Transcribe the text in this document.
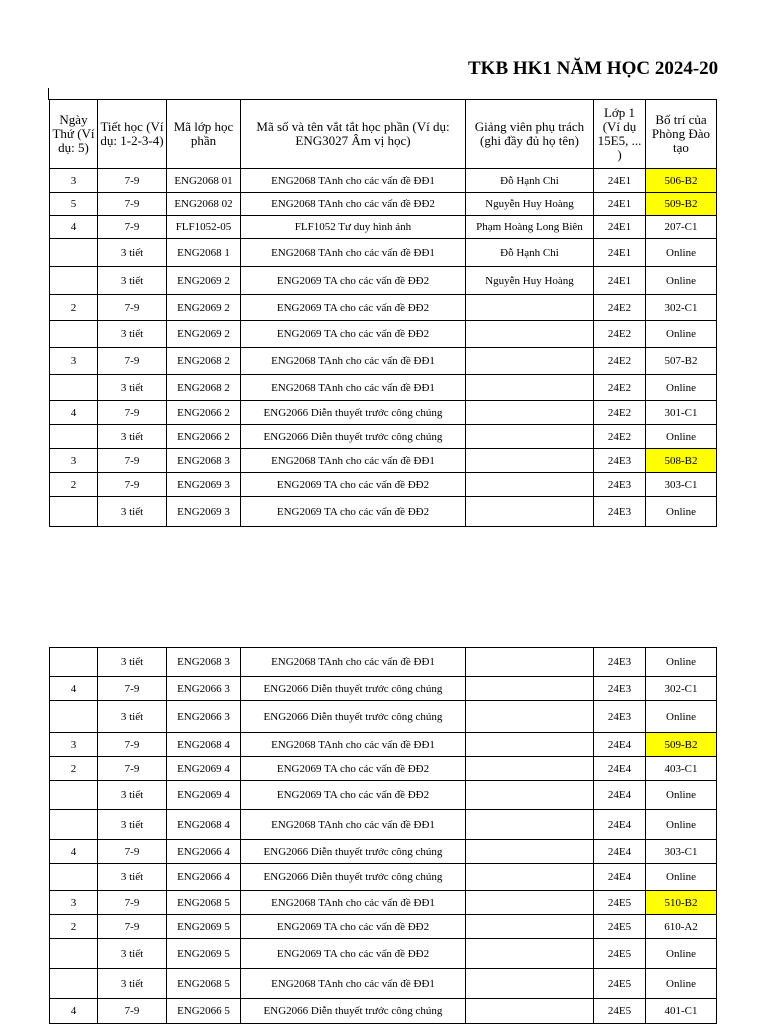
TKB HK1 NĂM HỌC 2024-20
Ngày Thứ (Ví dụ: 5)	Tiết học (Ví dụ: 1-2-3-4)	Mã lớp học phần	Mã số và tên vắt tắt học phần (Ví dụ: ENG3027 Âm vị học)	Giảng viên phụ trách (ghi đầy đủ họ tên)	Lớp 1 (Ví dụ 15E5, ... )	Bố trí của Phòng Đào tạo
3	7-9	ENG2068 01	ENG2068 TAnh cho các vấn đề ĐĐ1	Đỗ Hạnh Chi	24E1	506-B2
5	7-9	ENG2068 02	ENG2068 TAnh cho các vấn đề ĐĐ2	Nguyễn Huy Hoàng	24E1	509-B2
4	7-9	FLF1052-05	FLF1052 Tư duy hình ảnh	Phạm Hoàng Long Biên	24E1	207-C1
	3 tiết	ENG2068 1	ENG2068 TAnh cho các vấn đề ĐĐ1	Đỗ Hạnh Chi	24E1	Online
	3 tiết	ENG2069 2	ENG2069 TA cho các vấn đề ĐĐ2	Nguyễn Huy Hoàng	24E1	Online
2	7-9	ENG2069 2	ENG2069 TA cho các vấn đề ĐĐ2		24E2	302-C1
	3 tiết	ENG2069 2	ENG2069 TA cho các vấn đề ĐĐ2		24E2	Online
3	7-9	ENG2068 2	ENG2068 TAnh cho các vấn đề ĐĐ1		24E2	507-B2
	3 tiết	ENG2068 2	ENG2068 TAnh cho các vấn đề ĐĐ1		24E2	Online
4	7-9	ENG2066 2	ENG2066 Diễn thuyết trước công chúng		24E2	301-C1
	3 tiết	ENG2066 2	ENG2066 Diễn thuyết trước công chúng		24E2	Online
3	7-9	ENG2068 3	ENG2068 TAnh cho các vấn đề ĐĐ1		24E3	508-B2
2	7-9	ENG2069 3	ENG2069 TA cho các vấn đề ĐĐ2		24E3	303-C1
	3 tiết	ENG2069 3	ENG2069 TA cho các vấn đề ĐĐ2		24E3	Online
	3 tiết	ENG2068 3	ENG2068 TAnh cho các vấn đề ĐĐ1		24E3	Online
4	7-9	ENG2066 3	ENG2066 Diễn thuyết trước công chúng		24E3	302-C1
	3 tiết	ENG2066 3	ENG2066 Diễn thuyết trước công chúng		24E3	Online
3	7-9	ENG2068 4	ENG2068 TAnh cho các vấn đề ĐĐ1		24E4	509-B2
2	7-9	ENG2069 4	ENG2069 TA cho các vấn đề ĐĐ2		24E4	403-C1
	3 tiết	ENG2069 4	ENG2069 TA cho các vấn đề ĐĐ2		24E4	Online
	3 tiết	ENG2068 4	ENG2068 TAnh cho các vấn đề ĐĐ1		24E4	Online
4	7-9	ENG2066 4	ENG2066 Diễn thuyết trước công chúng		24E4	303-C1
	3 tiết	ENG2066 4	ENG2066 Diễn thuyết trước công chúng		24E4	Online
3	7-9	ENG2068 5	ENG2068 TAnh cho các vấn đề ĐĐ1		24E5	510-B2
2	7-9	ENG2069 5	ENG2069 TA cho các vấn đề ĐĐ2		24E5	610-A2
	3 tiết	ENG2069 5	ENG2069 TA cho các vấn đề ĐĐ2		24E5	Online
	3 tiết	ENG2068 5	ENG2068 TAnh cho các vấn đề ĐĐ1		24E5	Online
4	7-9	ENG2066 5	ENG2066 Diễn thuyết trước công chúng		24E5	401-C1
